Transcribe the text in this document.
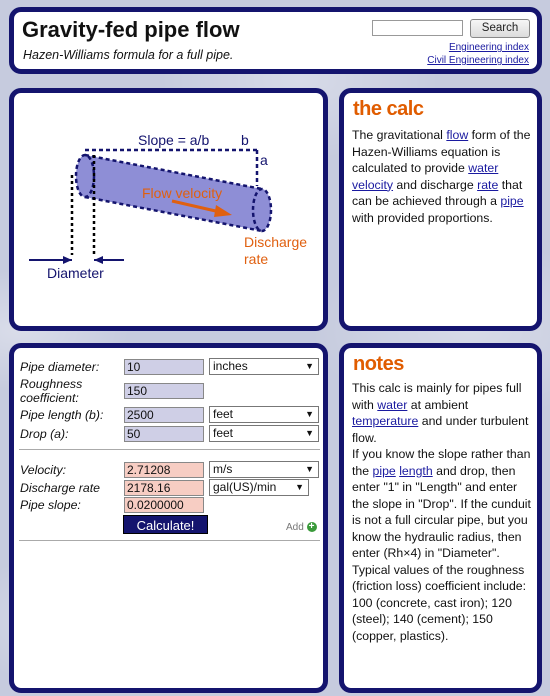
Gravity-fed pipe flow
Hazen-Williams formula for a full pipe.
Search
Engineering index
Civil Engineering index
Slope = a/b b
a
Flow velocity
Discharge
rate
Diameter
the calc
The gravitational flow form of the Hazen-Williams equation is calculated to provide water velocity and discharge rate that can be achieved through a pipe with provided proportions.
Pipe diameter: 10	inches	▼
Roughness coefficient:	150
Pipe length (b): 2500	feet	▼
Drop (a):	50	feet	▼
Velocity:	2.71208	m/s	▼
Discharge rate 2178.16	gal(US)/min ▼
Pipe slope:	0.0200000
Calculate!	Add +
notes
This calc is mainly for pipes full with water at ambient temperature and under turbulent flow.
If you know the slope rather than the pipe length and drop, then enter "1" in "Length" and enter the slope in "Drop". If the cunduit is not a full circular pipe, but you know the hydraulic radius, then enter (Rh×4) in "Diameter".
Typical values of the roughness (friction loss) coefficient include: 100 (concrete, cast iron); 120 (steel); 140 (cement); 150 (copper, plastics).
